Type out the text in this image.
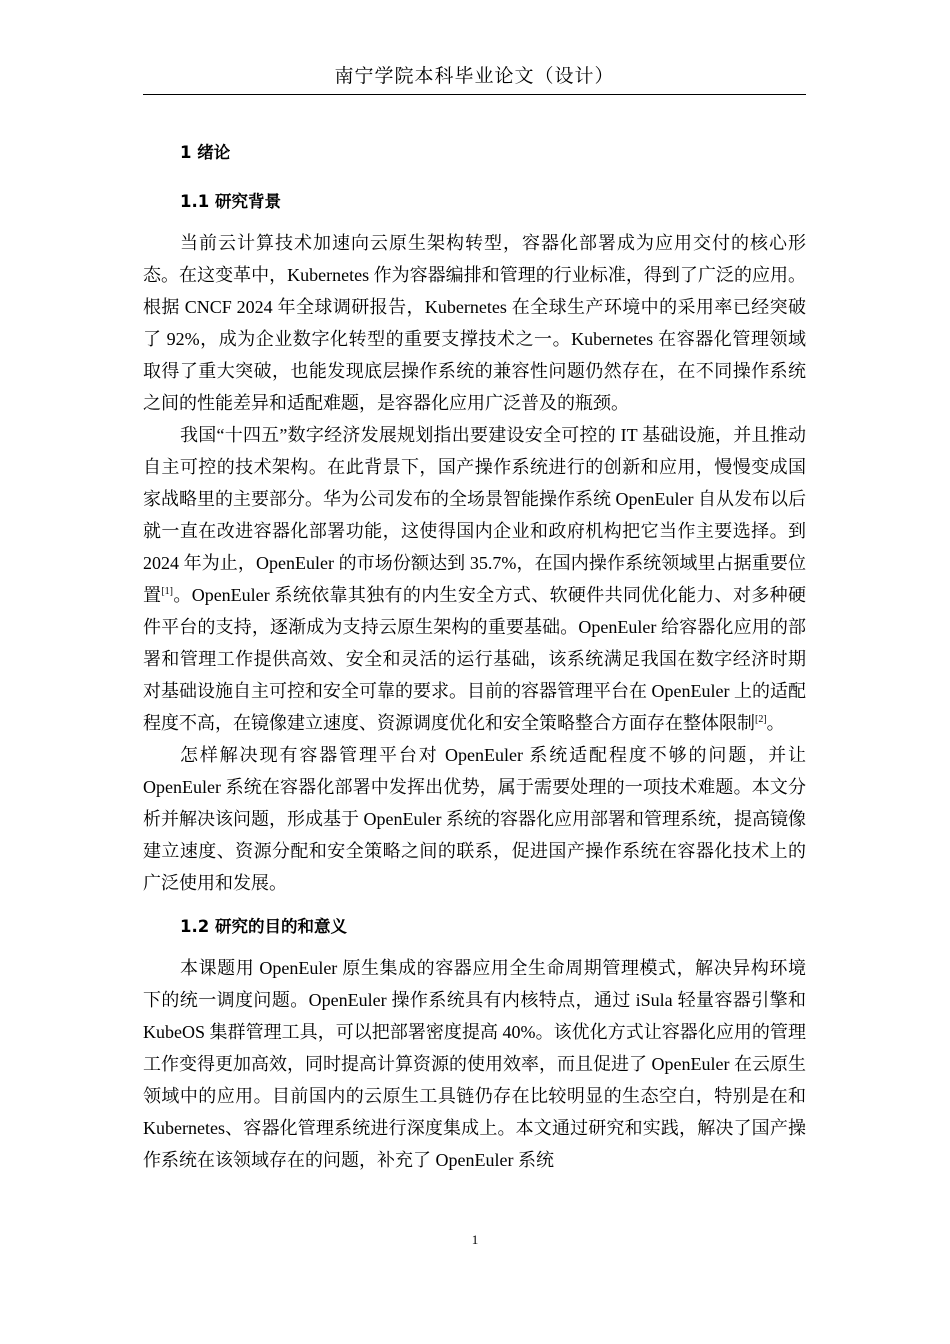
南宁学院本科毕业论文（设计）
1 绪论
1.1 研究背景

当前云计算技术加速向云原生架构转型，容器化部署成为应用交付的核心形态。在这变革中，Kubernetes 作为容器编排和管理的行业标准，得到了广泛的应用。根据 CNCF 2024 年全球调研报告，Kubernetes 在全球生产环境中的采用率已经突破了 92%，成为企业数字化转型的重要支撑技术之一。Kubernetes 在容器化管理领域取得了重大突破，也能发现底层操作系统的兼容性问题仍然存在，在不同操作系统之间的性能差异和适配难题，是容器化应用广泛普及的瓶颈。

我国“十四五”数字经济发展规划指出要建设安全可控的 IT 基础设施，并且推动自主可控的技术架构。在此背景下，国产操作系统进行的创新和应用，慢慢变成国家战略里的主要部分。华为公司发布的全场景智能操作系统 OpenEuler 自从发布以后就一直在改进容器化部署功能，这使得国内企业和政府机构把它当作主要选择。到 2024 年为止，OpenEuler 的市场份额达到 35.7%，在国内操作系统领域里占据重要位置[1]。OpenEuler 系统依靠其独有的内生安全方式、软硬件共同优化能力、对多种硬件平台的支持，逐渐成为支持云原生架构的重要基础。OpenEuler 给容器化应用的部署和管理工作提供高效、安全和灵活的运行基础，该系统满足我国在数字经济时期对基础设施自主可控和安全可靠的要求。目前的容器管理平台在 OpenEuler 上的适配程度不高，在镜像建立速度、资源调度优化和安全策略整合方面存在整体限制[2]。

怎样解决现有容器管理平台对 OpenEuler 系统适配程度不够的问题，并让 OpenEuler 系统在容器化部署中发挥出优势，属于需要处理的一项技术难题。本文分析并解决该问题，形成基于 OpenEuler 系统的容器化应用部署和管理系统，提高镜像建立速度、资源分配和安全策略之间的联系，促进国产操作系统在容器化技术上的广泛使用和发展。

1.2 研究的目的和意义

本课题用 OpenEuler 原生集成的容器应用全生命周期管理模式，解决异构环境下的统一调度问题。OpenEuler 操作系统具有内核特点，通过 iSula 轻量容器引擎和 KubeOS 集群管理工具，可以把部署密度提高 40%。该优化方式让容器化应用的管理工作变得更加高效，同时提高计算资源的使用效率，而且促进了 OpenEuler 在云原生领域中的应用。目前国内的云原生工具链仍存在比较明显的生态空白，特别是在和 Kubernetes、容器化管理系统进行深度集成上。本文通过研究和实践，解决了国产操作系统在该领域存在的问题，补充了 OpenEuler 系统

1
